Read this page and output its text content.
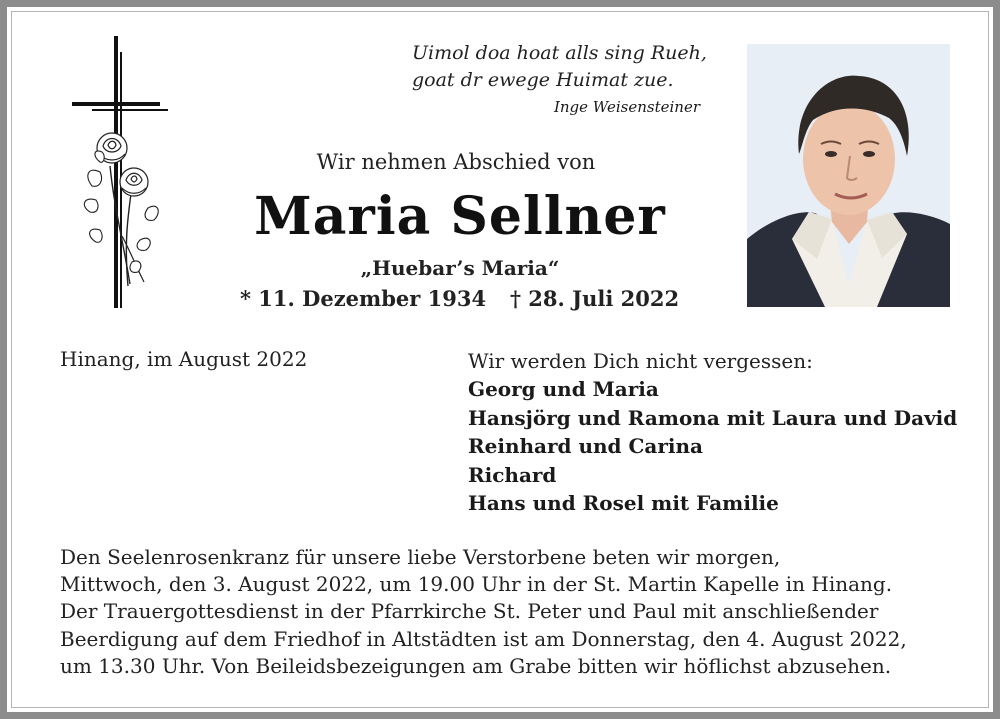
Uimol doa hoat alls sing Rueh,
goat dr ewege Huimat zue.
Inge Weisensteiner
Wir nehmen Abschied von
Maria Sellner
„Huebar’s Maria“
* 11. Dezember 1934 † 28. Juli 2022
Hinang, im August 2022	Wir werden Dich nicht vergessen:
Georg und Maria
Hansjörg und Ramona mit Laura und David
Reinhard und Carina
Richard
Hans und Rosel mit Familie
Den Seelenrosenkranz für unsere liebe Verstorbene beten wir morgen,
Mittwoch, den 3. August 2022, um 19.00 Uhr in der St. Martin Kapelle in Hinang.
Der Trauergottesdienst in der Pfarrkirche St. Peter und Paul mit anschließender
Beerdigung auf dem Friedhof in Altstädten ist am Donnerstag, den 4. August 2022,
um 13.30 Uhr. Von Beileidsbezeigungen am Grabe bitten wir höflichst abzusehen.
